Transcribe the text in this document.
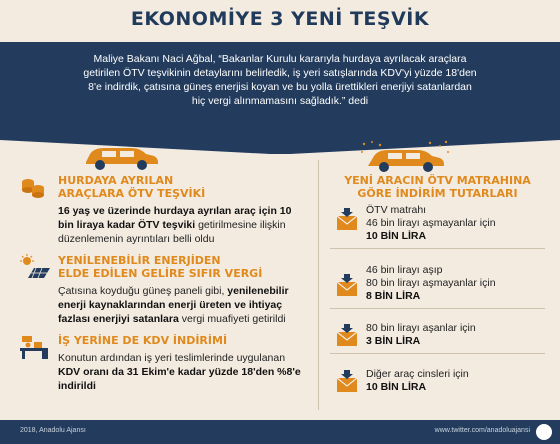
EKONOMİYE 3 YENİ TEŞVİK

Maliye Bakanı Naci Ağbal, “Bakanlar Kurulu kararıyla hurdaya ayrılacak araçlara getirilen ÖTV teşvikinin detaylarını belirledik, iş yeri satışlarında KDV'yi yüzde 18'den 8'e indirdik, çatısına güneş enerjisi koyan ve bu yolla ürettikleri enerjiyi satanlardan hiç vergi alınmamasını sağladık.” dedi

HURDAYA AYRILAN
ARAÇLARA ÖTV TEŞVİKİ
16 yaş ve üzerinde hurdaya ayrılan araç için 10 bin liraya kadar ÖTV teşviki getirilmesine ilişkin düzenlemenin ayrıntıları belli oldu
YENİLENEBİLİR ENERJİDEN
ELDE EDİLEN GELİRE SIFIR VERGİ
Çatısına koyduğu güneş paneli gibi, yenilenebilir enerji kaynaklarından enerji üreten ve ihtiyaç fazlası enerjiyi satanlara vergi muafiyeti getirildi
İŞ YERİNE DE KDV İNDİRİMİ
Konutun ardından iş yeri teslimlerinde uygulanan KDV oranı da 31 Ekim'e kadar yüzde 18'den %8'e indirildi
YENİ ARACIN ÖTV MATRAHINA
GÖRE İNDİRİM TUTARLARI
ÖTV matrahı
46 bin lirayı aşmayanlar için
10 BİN LİRA
46 bin lirayı aşıp
80 bin lirayı aşmayanlar için
8 BİN LİRA
80 bin lirayı aşanlar için
3 BİN LİRA
Diğer araç cinsleri için
10 BİN LİRA
2018, Anadolu Ajansı	www.twitter.com/anadoluajansi
